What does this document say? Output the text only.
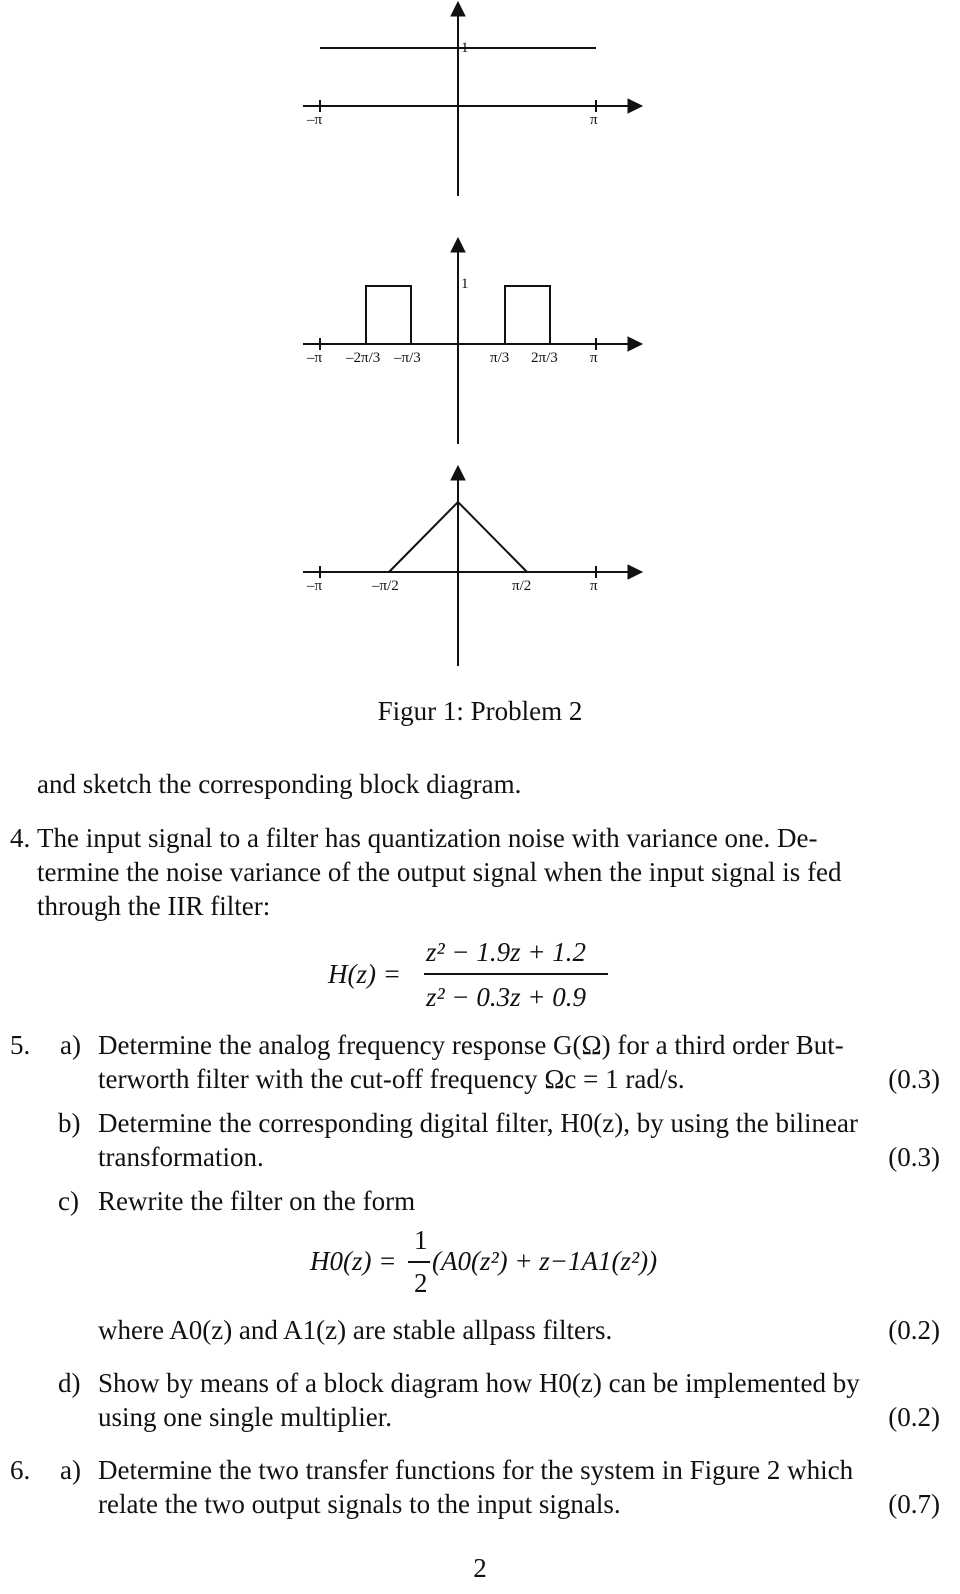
1
–π	π
1
–π –2π/3 –π/3	π/3 2π/3 π
–π	–π/2	π/2	π
Figur 1: Problem 2
and sketch the corresponding block diagram.
4. The input signal to a filter has quantization noise with variance one. De-
termine the noise variance of the output signal when the input signal is fed
through the IIR filter:
H(z) =
z² − 1.9z + 1.2
z² − 0.3z + 0.9
5. a) Determine the analog frequency response G(Ω) for a third order But-
terworth filter with the cut-off frequency Ωc = 1 rad/s.	(0.3)
b) Determine the corresponding digital filter, H0(z), by using the bilinear
transformation.	(0.3)
c) Rewrite the filter on the form
H0(z) =
1
2
(A0(z²) + z−1A1(z²))
where A0(z) and A1(z) are stable allpass filters.	(0.2)
d) Show by means of a block diagram how H0(z) can be implemented by
using one single multiplier.	(0.2)
6. a) Determine the two transfer functions for the system in Figure 2 which
relate the two output signals to the input signals.	(0.7)
2
